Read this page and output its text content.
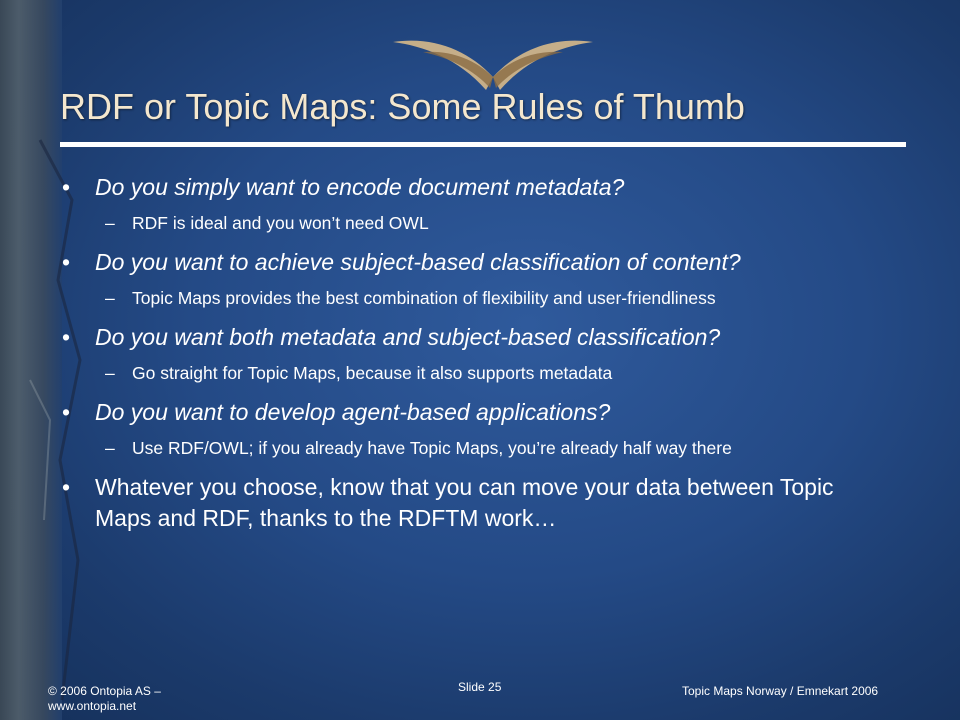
RDF or Topic Maps: Some Rules of Thumb
• Do you simply want to encode document metadata?
– RDF is ideal and you won’t need OWL
• Do you want to achieve subject-based classification of content?
– Topic Maps provides the best combination of flexibility and user-friendliness
• Do you want both metadata and subject-based classification?
– Go straight for Topic Maps, because it also supports metadata
• Do you want to develop agent-based applications?
– Use RDF/OWL; if you already have Topic Maps, you’re already half way there
• Whatever you choose, know that you can move your data between Topic Maps and RDF, thanks to the RDFTM work…
© 2006 Ontopia AS –
www.ontopia.net
Slide 25	Topic Maps Norway / Emnekart 2006
